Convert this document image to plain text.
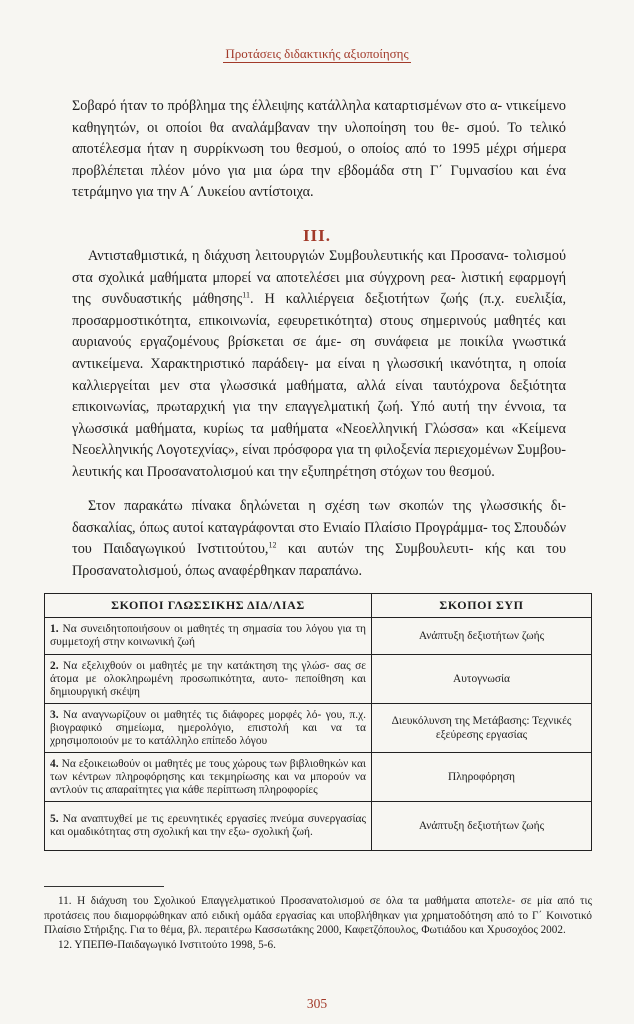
Προτάσεις διδακτικής αξιοποίησης

Σοβαρό ήταν το πρόβλημα της έλλειψης κατάλληλα καταρτισμένων στο α- ντικείμενο καθηγητών, οι οποίοι θα αναλάμβαναν την υλοποίηση του θε- σμού. Το τελικό αποτέλεσμα ήταν η συρρίκνωση του θεσμού, ο οποίος από το 1995 μέχρι σήμερα προβλέπεται πλέον μόνο για μια ώρα την εβδομάδα στη Γ΄ Γυμνασίου και ένα τετράμηνο για την Α΄ Λυκείου αντίστοιχα.

III.

Αντισταθμιστικά, η διάχυση λειτουργιών Συμβουλευτικής και Προσανα- τολισμού στα σχολικά μαθήματα μπορεί να αποτελέσει μια σύγχρονη ρεα- λιστική εφαρμογή της συνδυαστικής μάθησης$^{11}$. Η καλλιέργεια δεξιοτήτων ζωής (π.χ. ευελιξία, προσαρμοστικότητα, επικοινωνία, εφευρετικότητα) στους σημερινούς μαθητές και αυριανούς εργαζομένους βρίσκεται σε άμε- ση συνάφεια με ποικίλα γνωστικά αντικείμενα. Χαρακτηριστικό παράδειγ- μα είναι η γλωσσική ικανότητα, η οποία καλλιεργείται μεν στα γλωσσικά μαθήματα, αλλά είναι ταυτόχρονα δεξιότητα επικοινωνίας, πρωταρχική για την επαγγελματική ζωή. Υπό αυτή την έννοια, τα γλωσσικά μαθήματα, κυρίως τα μαθήματα «Νεοελληνική Γλώσσα» και «Κείμενα Νεοελληνικής Λογοτεχνίας», είναι πρόσφορα για τη φιλοξενία περιεχομένων Συμβου- λευτικής και Προσανατολισμού και την εξυπηρέτηση στόχων του θεσμού.

Στον παρακάτω πίνακα δηλώνεται η σχέση των σκοπών της γλωσσικής δι- δασκαλίας, όπως αυτοί καταγράφονται στο Ενιαίο Πλαίσιο Προγράμμα- τος Σπουδών του Παιδαγωγικού Ινστιτούτου,$^{12}$ και αυτών της Συμβουλευτι- κής και του Προσανατολισμού, όπως αναφέρθηκαν παραπάνω.

ΣΚΟΠΟΙ ΓΛΩΣΣΙΚΗΣ ΔΙΔ/ΛΙΑΣ	ΣΚΟΠΟΙ ΣΥΠ
1. Να συνειδητοποιήσουν οι μαθητές τη σημασία του λόγου για τη συμμετοχή στην κοινωνική ζωή	Ανάπτυξη δεξιοτήτων ζωής
2. Να εξελιχθούν οι μαθητές με την κατάκτηση της γλώσ- σας σε άτομα με ολοκληρωμένη προσωπικότητα, αυτο- πεποίθηση και δημιουργική σκέψη	Αυτογνωσία
3. Να αναγνωρίζουν οι μαθητές τις διάφορες μορφές λό- γου, π.χ. βιογραφικό σημείωμα, ημερολόγιο, επιστολή και να τα χρησιμοποιούν με το κατάλληλο επίπεδο λόγου	Διευκόλυνση της Μετάβασης: Τεχνικές εξεύρεσης εργασίας
4. Να εξοικειωθούν οι μαθητές με τους χώρους των βιβλιοθηκών και των κέντρων πληροφόρησης και τεκμηρίωσης και να μπορούν να αντλούν τις απαραίτητες για κάθε περίπτωση πληροφορίες	Πληροφόρηση
5. Να αναπτυχθεί με τις ερευνητικές εργασίες πνεύμα συνεργασίας και ομαδικότητας στη σχολική και την εξω- σχολική ζωή.	Ανάπτυξη δεξιοτήτων ζωής

11. Η διάχυση του Σχολικού Επαγγελματικού Προσανατολισμού σε όλα τα μαθήματα αποτελε- σε μία από τις προτάσεις που διαμορφώθηκαν από ειδική ομάδα εργασίας και υποβλήθηκαν για χρηματοδότηση από το Γ΄ Κοινοτικό Πλαίσιο Στήριξης. Για το θέμα, βλ. περαιτέρω Κασσωτάκης 2000, Καφετζόπουλος, Φωτιάδου και Χρυσοχόος 2002.

12. ΥΠΕΠΘ-Παιδαγωγικό Ινστιτούτο 1998, 5-6.

305
